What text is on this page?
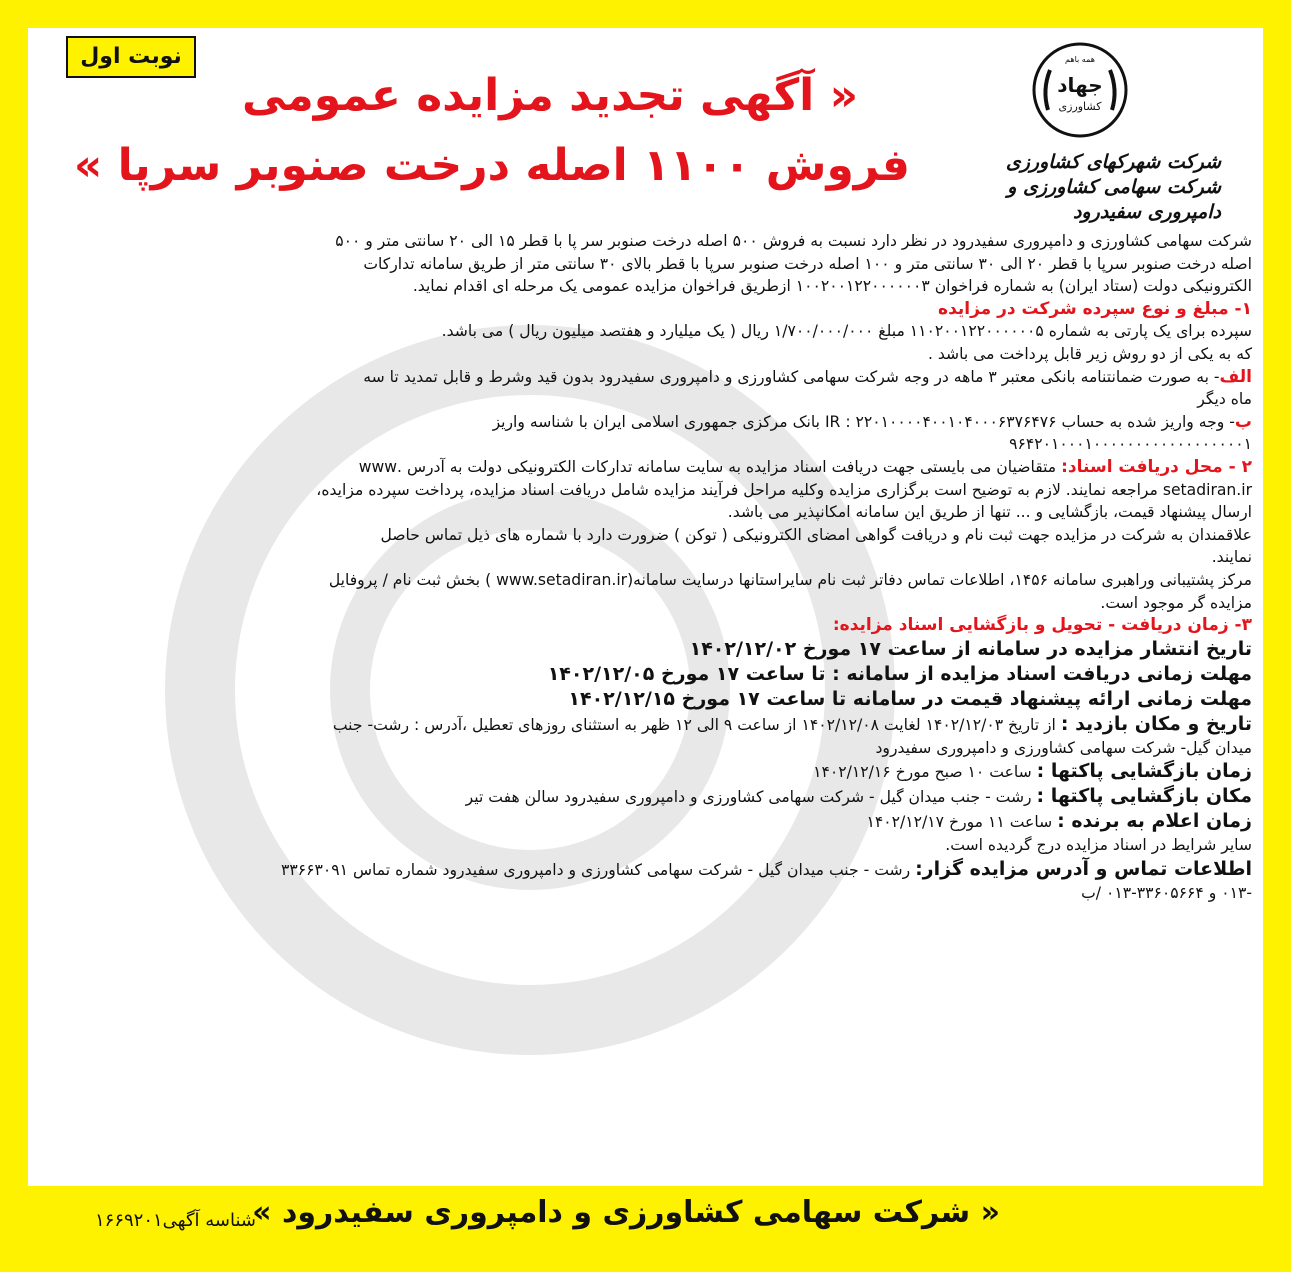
نوبت اول
« آگهی تجدید مزایده عمومی
فروش ۱۱۰۰ اصله درخت صنوبر سرپا »
همه باهم
جهاد
کشاورزی
شرکت شهرکهای کشاورزی
شرکت سهامی کشاورزی و دامپروری سفیدرود

شرکت سهامی کشاورزی و دامپروری سفیدرود در نظر دارد نسبت به فروش ۵۰۰ اصله درخت صنوبر سر پا با قطر ۱۵ الی ۲۰ سانتی متر و ۵۰۰

اصله درخت صنوبر سرپا با قطر ۲۰ الی ۳۰ سانتی متر و ۱۰۰ اصله درخت صنوبر سرپا با قطر بالای ۳۰ سانتی متر از طریق سامانه تدارکات

الکترونیکی دولت (ستاد ایران) به شماره فراخوان ۱۰۰۲۰۰۱۲۲۰۰۰۰۰۰۳ ازطریق فراخوان مزایده عمومی یک مرحله ای اقدام نماید.

۱- مبلغ و نوع سپرده شرکت در مزایده

سپرده برای یک پارتی به شماره ۱۱۰۲۰۰۱۲۲۰۰۰۰۰۰۵ مبلغ ۱/۷۰۰/۰۰۰/۰۰۰ ریال ( یک میلیارد و هفتصد میلیون ریال ) می باشد.

که به یکی از دو روش زیر قابل پرداخت می باشد .

الف- به صورت ضمانتنامه بانکی معتبر ۳ ماهه در وجه شرکت سهامی کشاورزی و دامپروری سفیدرود بدون قید وشرط و قابل تمدید تا سه

ماه دیگر

ب- وجه واریز شده به حساب IR : ۲۲۰۱۰۰۰۰۴۰۰۱۰۴۰۰۰۶۳۷۶۴۷۶ بانک مرکزی جمهوری اسلامی ایران با شناسه واریز

۹۶۴۲۰۱۰۰۰۱۰۰۰۰۰۰۰۰۰۰۰۰۰۰۰۰۰۰۱

۲ - محل دریافت اسناد: متقاضیان می بایستی جهت دریافت اسناد مزایده به سایت سامانه تدارکات الکترونیکی دولت به آدرس .www

setadiran.ir مراجعه نمایند. لازم به توضیح است برگزاری مزایده وکلیه مراحل فرآیند مزایده شامل دریافت اسناد مزایده، پرداخت سپرده مزایده،

ارسال پیشنهاد قیمت، بازگشایی و ... تنها از طریق این سامانه امکانپذیر می باشد.

علاقمندان به شرکت در مزایده جهت ثبت نام و دریافت گواهی امضای الکترونیکی ( توکن ) ضرورت دارد با شماره های ذیل تماس حاصل

نمایند.

مرکز پشتیبانی وراهبری سامانه ۱۴۵۶، اطلاعات تماس دفاتر ثبت نام سایراستانها درسایت سامانه(www.setadiran.ir ) بخش ثبت نام / پروفایل

مزایده گر موجود است.

۳- زمان دریافت - تحویل و بازگشایی اسناد مزایده:

تاریخ انتشار مزایده در سامانه از ساعت ۱۷ مورخ ۱۴۰۲/۱۲/۰۲

مهلت زمانی دریافت اسناد مزایده از سامانه : تا ساعت ۱۷ مورخ ۱۴۰۲/۱۲/۰۵

مهلت زمانی ارائه پیشنهاد قیمت در سامانه تا ساعت ۱۷ مورخ ۱۴۰۲/۱۲/۱۵

تاریخ و مکان بازدید : از تاریخ ۱۴۰۲/۱۲/۰۳ لغایت ۱۴۰۲/۱۲/۰۸ از ساعت ۹ الی ۱۲ ظهر به استثنای روزهای تعطیل ،آدرس : رشت- جنب

میدان گیل- شرکت سهامی کشاورزی و دامپروری سفیدرود

زمان بازگشایی پاکتها : ساعت ۱۰ صبح مورخ ۱۴۰۲/۱۲/۱۶

مکان بازگشایی پاکتها : رشت - جنب میدان گیل - شرکت سهامی کشاورزی و دامپروری سفیدرود سالن هفت تیر

زمان اعلام به برنده : ساعت ۱۱ مورخ ۱۴۰۲/۱۲/۱۷

سایر شرایط در اسناد مزایده درج گردیده است.

اطلاعات تماس و آدرس مزایده گزار: رشت - جنب میدان گیل - شرکت سهامی کشاورزی و دامپروری سفیدرود شماره تماس ۳۳۶۶۳۰۹۱

-۰۱۳ و ۳۳۶۰۵۶۶۴-۰۱۳ /ب

« شرکت سهامی کشاورزی و دامپروری سفیدرود »
شناسه آگهی۱۶۶۹۲۰۱
